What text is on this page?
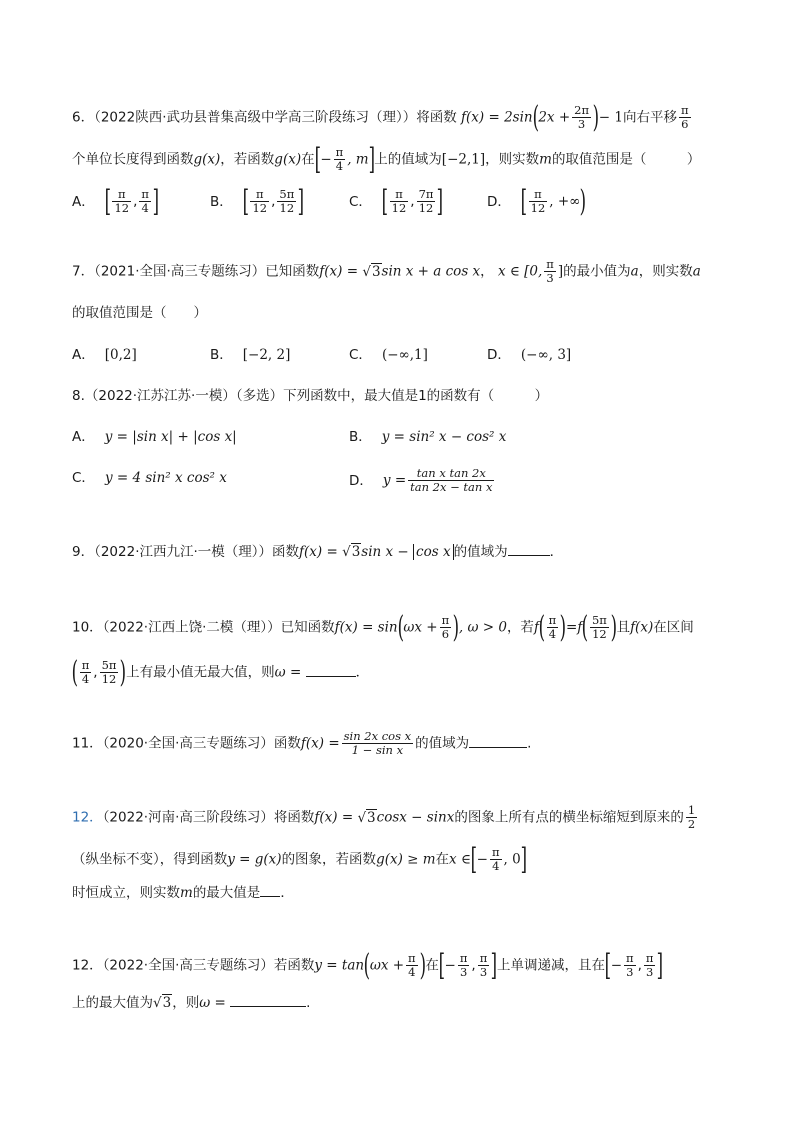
6．（2022陕西·武功县普集高级中学高三阶段练习（理））将函数 $f(x) = 2\sin(2x + \frac{2\pi}{3}$ )− 1向右平移 $\frac{\pi}{6}$
个单位长度得到函数g(x)，若函数g(x)在[− $\frac{\pi}{4}$ , m]上的值域为[−2,1]，则实数m的取值范围是（　　　）
A． [ $\frac{\pi}{12}$ , $\frac{\pi}{4}$ ]	B． [ $\frac{\pi}{12}$ , $\frac{5\pi}{12}$ ]	C． [ $\frac{\pi}{12}$ , $\frac{7\pi}{12}$ ]	D． [ $\frac{\pi}{12}$ , +∞)
7．（2021·全国·高三专题练习）已知函数f(x) = √3sin x + a cos x， x ∈ [0, $\frac{\pi}{3}$ ]的最小值为a，则实数a
的取值范围是（　　）
A． [0,2]	B． [−2, 2]	C． (−∞,1]	D． (−∞, 3]
8.（2022·江苏江苏·一模）（多选）下列函数中，最大值是1的函数有（　　　）
A． y = |sin x| + |cos x|	B． y = sin² x − cos² x
C． y = 4 sin² x cos² x	D． $y = \frac{\text{tan x tan 2x}}{\text{tan 2x − tan x}}$
9．（2022·江西九江·一模（理））函数f(x) = √3sin x − cos x 的值域为	．
10．（2022·江西上饶·二模（理））已知函数$f(x) = \sin(\omega x + \frac{\pi}{6}$ ), ω > 0，若$f( \frac{\pi}{4} )=f( \frac{5\pi}{12}$ )且f(x)在区间
( $\frac{\pi}{4}$ , $\frac{5\pi}{12}$ )上有最小值无最大值，则ω =	．
11．（2020·全国·高三专题练习）函数$f(x) = \frac{\text{sin 2x cos x}}{\text{1 − sin x}}$ 的值域为	.
12．（2022·河南·高三阶段练习）将函数f(x) = √3cosx − sinx的图象上所有点的横坐标缩短到原来的 $\frac{1}{2}$
（纵坐标不变），得到函数y = g(x)的图象，若函数g(x) ≥ m在x ∈[− $\frac{\pi}{4}$ , 0]
时恒成立，则实数m的最大值是 ．
12．（2022·全国·高三专题练习）若函数$y = \tan(\omega x + \frac{\pi}{4}$ )在[− $\frac{\pi}{3}$ , $\frac{\pi}{3}$ ]上单调递减，且在[− $\frac{\pi}{3}$ , $\frac{\pi}{3}$ ]
上的最大值为√3，则ω =	.
